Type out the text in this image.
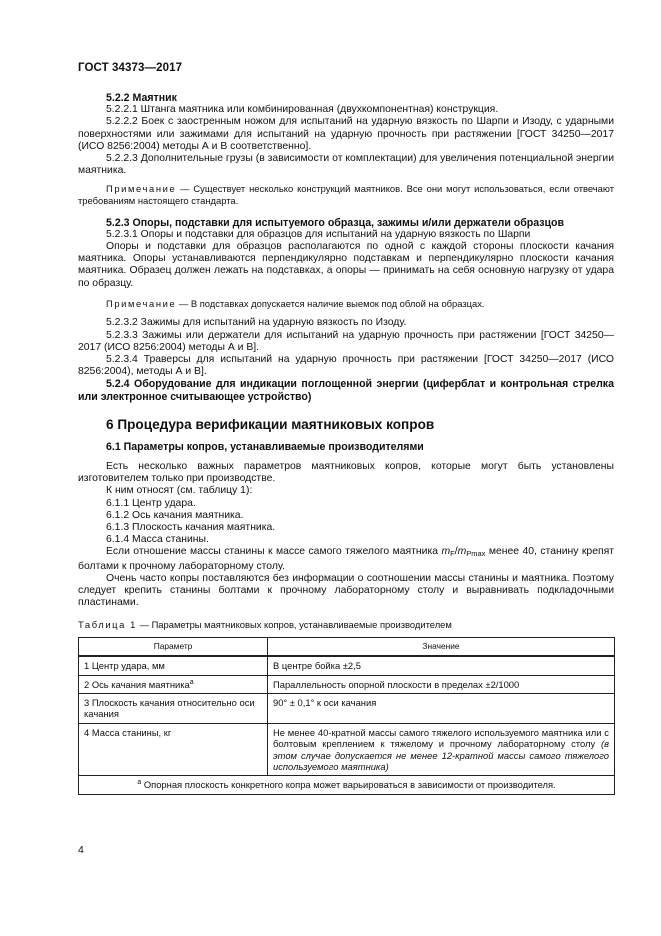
ГОСТ 34373—2017

5.2.2 Маятник

5.2.2.1 Штанга маятника или комбинированная (двухкомпонентная) конструкция.

5.2.2.2 Боек с заостренным ножом для испытаний на ударную вязкость по Шарпи и Изоду, с ударными поверхностями или зажимами для испытаний на ударную прочность при растяжении [ГОСТ 34250—2017 (ИСО 8256:2004) методы А и В соответственно].

5.2.2.3 Дополнительные грузы (в зависимости от комплектации) для увеличения потенциальной энергии маятника.

Примечание — Существует несколько конструкций маятников. Все они могут использоваться, если отвечают требованиям настоящего стандарта.

5.2.3 Опоры, подставки для испытуемого образца, зажимы и/или держатели образцов

5.2.3.1 Опоры и подставки для образцов для испытаний на ударную вязкость по Шарпи

Опоры и подставки для образцов располагаются по одной с каждой стороны плоскости качания маятника. Опоры устанавливаются перпендикулярно подставкам и перпендикулярно плоскости качания маятника. Образец должен лежать на подставках, а опоры — принимать на себя основную нагрузку от удара по образцу.

Примечание — В подставках допускается наличие выемок под облой на образцах.

5.2.3.2 Зажимы для испытаний на ударную вязкость по Изоду.

5.2.3.3 Зажимы или держатели для испытаний на ударную прочность при растяжении [ГОСТ 34250—2017 (ИСО 8256:2004) методы А и В].

5.2.3.4 Траверсы для испытаний на ударную прочность при растяжении [ГОСТ 34250—2017 (ИСО 8256:2004), методы А и В].

5.2.4 Оборудование для индикации поглощенной энергии (циферблат и контрольная стрелка или электронное считывающее устройство)

6 Процедура верификации маятниковых копров

6.1 Параметры копров, устанавливаемые производителями

Есть несколько важных параметров маятниковых копров, которые могут быть установлены изготовителем только при производстве.

К ним относят (см. таблицу 1):

6.1.1 Центр удара.

6.1.2 Ось качания маятника.

6.1.3 Плоскость качания маятника.

6.1.4 Масса станины.

Если отношение массы станины к массе самого тяжелого маятника $m_F/m_{Pmax}$ менее 40, станину крепят болтами к прочному лабораторному столу.

Очень часто копры поставляются без информации о соотношении массы станины и маятника. Поэтому следует крепить станины болтами к прочному лабораторному столу и выравнивать подкладочными пластинами.

Таблица 1 — Параметры маятниковых копров, устанавливаемые производителем
Параметр	Значение
1 Центр удара, мм	В центре бойка ±2,5
2 Ось качания маятника$^а$	Параллельность опорной плоскости в пределах ±2/1000
3 Плоскость качания относительно оси качания	90° ± 0,1° к оси качания
4 Масса станины, кг	Не менее 40-кратной массы самого тяжелого используемого маятника или с болтовым креплением к тяжелому и прочному лабораторному столу (в этом случае допускается не менее 12-кратной массы самого тяжелого используемого маятника)
$^а$ Опорная плоскость конкретного копра может варьироваться в зависимости от производителя.	
4
